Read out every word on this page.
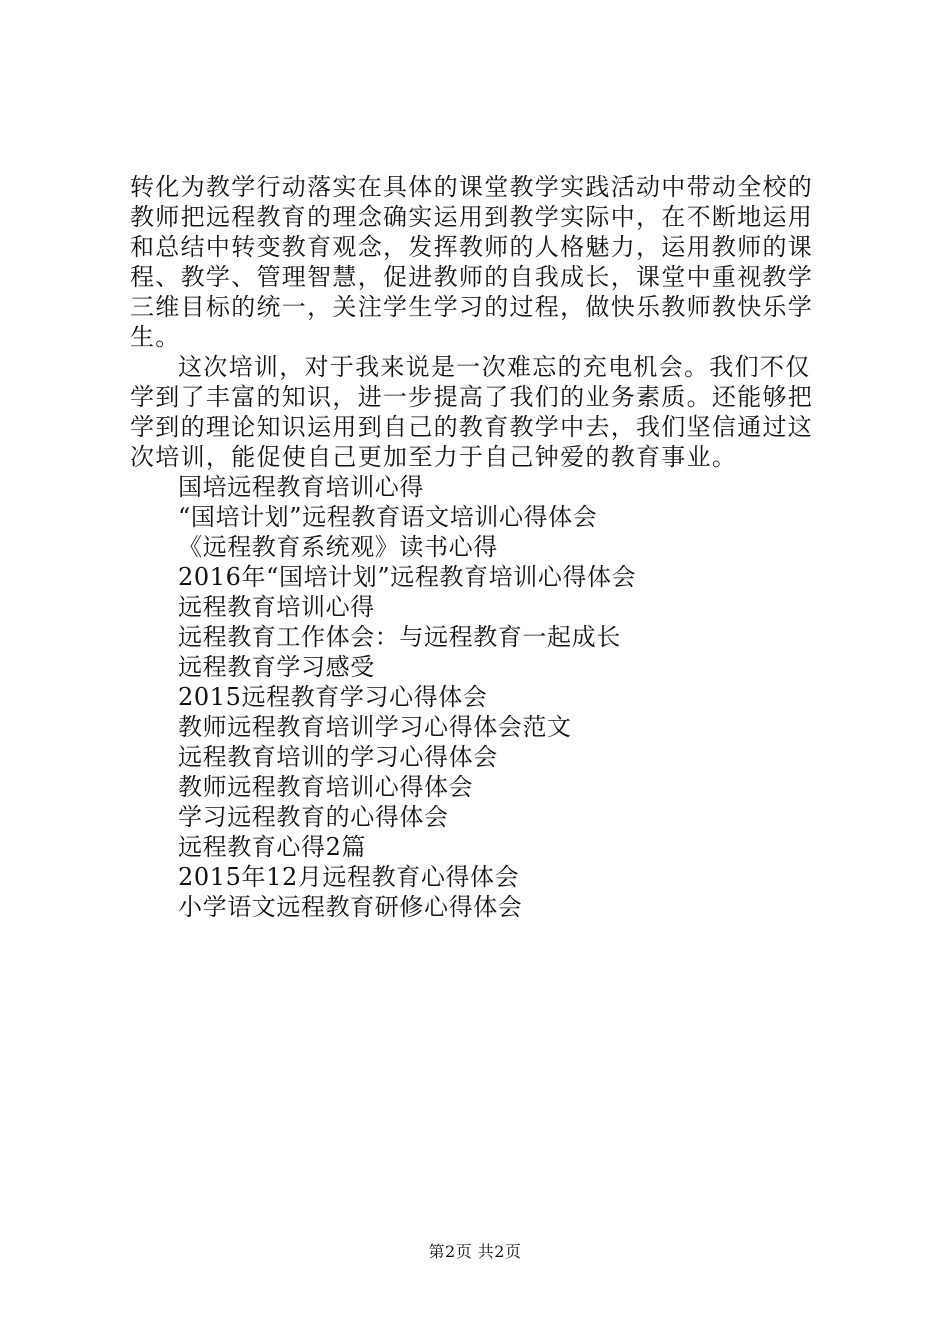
转化为教学行动落实在具体的课堂教学实践活动中带动全校的
教师把远程教育的理念确实运用到教学实际中，在不断地运用
和总结中转变教育观念，发挥教师的人格魅力，运用教师的课
程、教学、管理智慧，促进教师的自我成长，课堂中重视教学
三维目标的统一，关注学生学习的过程，做快乐教师教快乐学
生。
这次培训，对于我来说是一次难忘的充电机会。我们不仅
学到了丰富的知识，进一步提高了我们的业务素质。还能够把
学到的理论知识运用到自己的教育教学中去，我们坚信通过这
次培训，能促使自己更加至力于自己钟爱的教育事业。
国培远程教育培训心得
“国培计划”远程教育语文培训心得体会
《远程教育系统观》读书心得
2016年“国培计划”远程教育培训心得体会
远程教育培训心得
远程教育工作体会：与远程教育一起成长
远程教育学习感受
2015远程教育学习心得体会
教师远程教育培训学习心得体会范文
远程教育培训的学习心得体会
教师远程教育培训心得体会
学习远程教育的心得体会
远程教育心得2篇
2015年12月远程教育心得体会
小学语文远程教育研修心得体会
第2页 共2页
